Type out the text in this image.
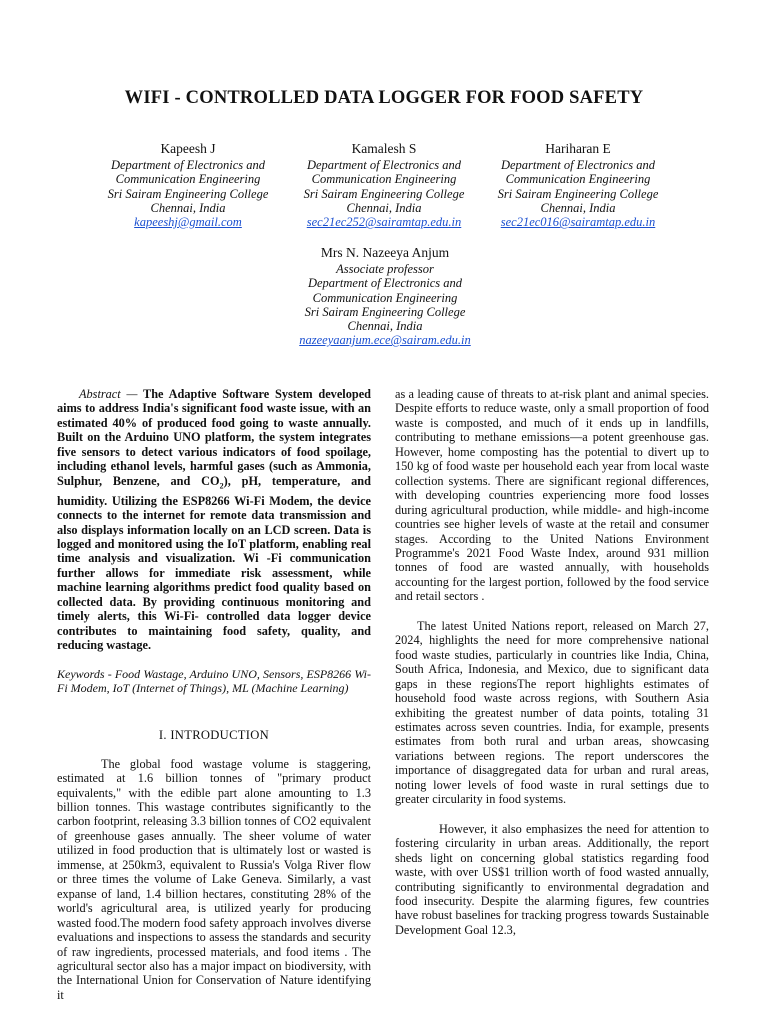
WIFI - CONTROLLED DATA LOGGER FOR FOOD SAFETY
Kapeesh J
Department of Electronics and
Communication Engineering
Sri Sairam Engineering College
Chennai, India
kapeeshj@gmail.com
Kamalesh S
Department of Electronics and
Communication Engineering
Sri Sairam Engineering College
Chennai, India
sec21ec252@sairamtap.edu.in
Hariharan E
Department of Electronics and
Communication Engineering
Sri Sairam Engineering College
Chennai, India
sec21ec016@sairamtap.edu.in
Mrs N. Nazeeya Anjum
Associate professor
Department of Electronics and
Communication Engineering
Sri Sairam Engineering College
Chennai, India
nazeeyaanjum.ece@sairam.edu.in

Abstract — The Adaptive Software System developed aims to address India's significant food waste issue, with an estimated 40% of produced food going to waste annually. Built on the Arduino UNO platform, the system integrates five sensors to detect various indicators of food spoilage, including ethanol levels, harmful gases (such as Ammonia, Sulphur, Benzene, and $CO_2$), pH, temperature, and humidity. Utilizing the ESP8266 Wi-Fi Modem, the device connects to the internet for remote data transmission and also displays information locally on an LCD screen. Data is logged and monitored using the IoT platform, enabling real time analysis and visualization. Wi -Fi communication further allows for immediate risk assessment, while machine learning algorithms predict food quality based on collected data. By providing continuous monitoring and timely alerts, this Wi-Fi- controlled data logger device contributes to maintaining food safety, quality, and reducing wastage.

Keywords - Food Wastage, Arduino UNO, Sensors, ESP8266 Wi-Fi Modem, IoT (Internet of Things), ML (Machine Learning)

I. INTRODUCTION

The global food wastage volume is staggering, estimated at 1.6 billion tonnes of "primary product equivalents," with the edible part alone amounting to 1.3 billion tonnes. This wastage contributes significantly to the carbon footprint, releasing 3.3 billion tonnes of CO2 equivalent of greenhouse gases annually. The sheer volume of water utilized in food production that is ultimately lost or wasted is immense, at 250km3, equivalent to Russia's Volga River flow or three times the volume of Lake Geneva. Similarly, a vast expanse of land, 1.4 billion hectares, constituting 28% of the world's agricultural area, is utilized yearly for producing wasted food.The modern food safety approach involves diverse evaluations and inspections to assess the standards and security of raw ingredients, processed materials, and food items . The agricultural sector also has a major impact on biodiversity, with the International Union for Conservation of Nature identifying it

as a leading cause of threats to at-risk plant and animal species. Despite efforts to reduce waste, only a small proportion of food waste is composted, and much of it ends up in landfills, contributing to methane emissions—a potent greenhouse gas. However, home composting has the potential to divert up to 150 kg of food waste per household each year from local waste collection systems. There are significant regional differences, with developing countries experiencing more food losses during agricultural production, while middle- and high-income countries see higher levels of waste at the retail and consumer stages. According to the United Nations Environment Programme's 2021 Food Waste Index, around 931 million tonnes of food are wasted annually, with households accounting for the largest portion, followed by the food service and retail sectors .

The latest United Nations report, released on March 27, 2024, highlights the need for more comprehensive national food waste studies, particularly in countries like India, China, South Africa, Indonesia, and Mexico, due to significant data gaps in these regionsThe report highlights estimates of household food waste across regions, with Southern Asia exhibiting the greatest number of data points, totaling 31 estimates across seven countries. India, for example, presents estimates from both rural and urban areas, showcasing variations between regions. The report underscores the importance of disaggregated data for urban and rural areas, noting lower levels of food waste in rural settings due to greater circularity in food systems.

However, it also emphasizes the need for attention to fostering circularity in urban areas. Additionally, the report sheds light on concerning global statistics regarding food waste, with over US$1 trillion worth of food wasted annually, contributing significantly to environmental degradation and food insecurity. Despite the alarming figures, few countries have robust baselines for tracking progress towards Sustainable Development Goal 12.3,
